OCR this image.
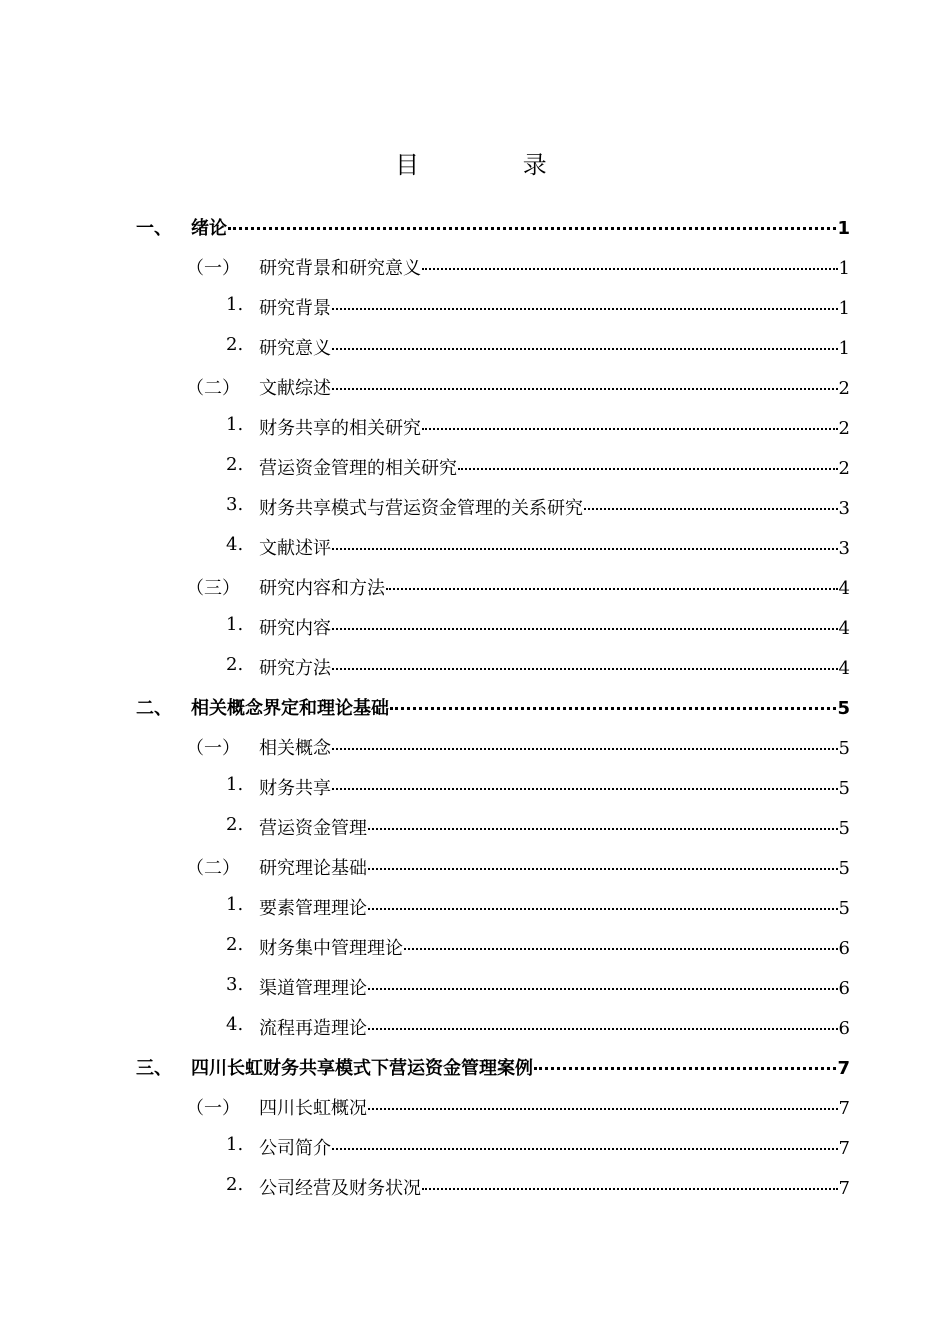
目 录
一、 绪论	1
（一） 研究背景和研究意义	1
1. 研究背景	1
2. 研究意义	1
（二） 文献综述	2
1. 财务共享的相关研究	2
2. 营运资金管理的相关研究	2
3. 财务共享模式与营运资金管理的关系研究	3
4. 文献述评	3
（三） 研究内容和方法	4
1. 研究内容	4
2. 研究方法	4
二、 相关概念界定和理论基础	5
（一） 相关概念	5
1. 财务共享	5
2. 营运资金管理	5
（二） 研究理论基础	5
1. 要素管理理论	5
2. 财务集中管理理论	6
3. 渠道管理理论	6
4. 流程再造理论	6
三、 四川长虹财务共享模式下营运资金管理案例	7
（一） 四川长虹概况	7
1. 公司简介	7
2. 公司经营及财务状况	7
